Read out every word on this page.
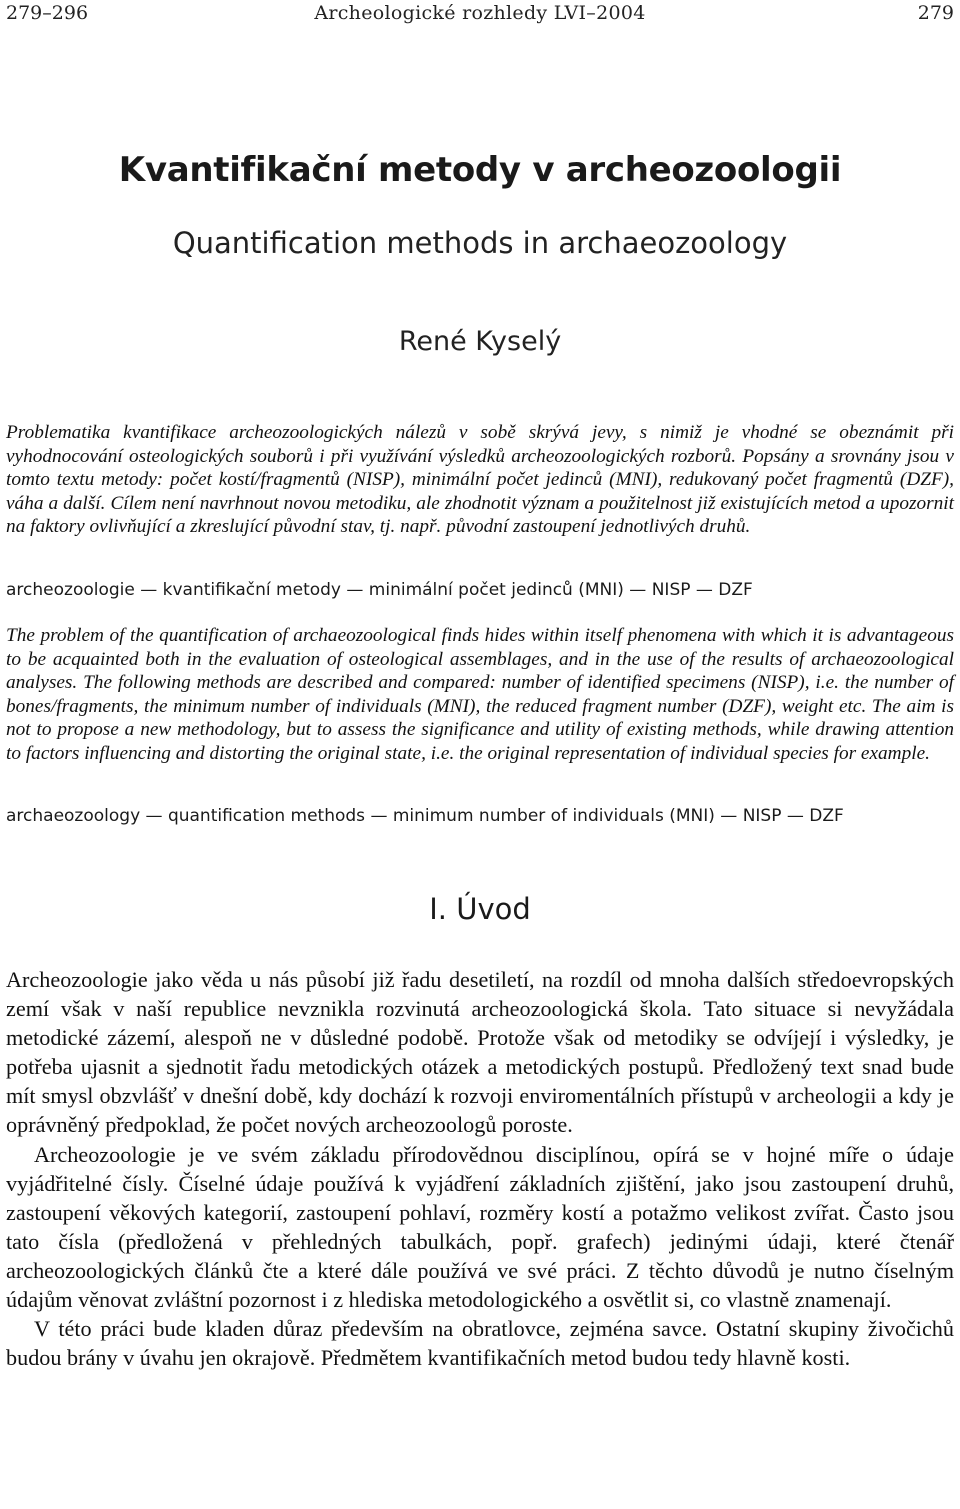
279–296	Archeologické rozhledy LVI–2004	279
Kvantifikační metody v archeozoologii
Quantification methods in archaeozoology
René Kyselý

Problematika kvantifikace archeozoologických nálezů v sobě skrývá jevy, s nimiž je vhodné se obeznámit při vyhodnocování osteologických souborů i při využívání výsledků archeozoologických rozborů. Popsány a srovnány jsou v tomto textu metody: počet kostí/fragmentů (NISP), minimální počet jedinců (MNI), redukovaný počet fragmentů (DZF), váha a další. Cílem není navrhnout novou metodiku, ale zhodnotit význam a použitelnost již existujících metod a upozornit na faktory ovlivňující a zkreslující původní stav, tj. např. původní zastoupení jednotlivých druhů.

archeozoologie — kvantifikační metody — minimální počet jedinců (MNI) — NISP — DZF

The problem of the quantification of archaeozoological finds hides within itself phenomena with which it is advantageous to be acquainted both in the evaluation of osteological assemblages, and in the use of the results of archaeozoological analyses. The following methods are described and compared: number of identified specimens (NISP), i.e. the number of bones/fragments, the minimum number of individuals (MNI), the reduced fragment number (DZF), weight etc. The aim is not to propose a new methodology, but to assess the significance and utility of existing methods, while drawing attention to factors influencing and distorting the original state, i.e. the original representation of individual species for example.

archaeozoology — quantification methods — minimum number of individuals (MNI) — NISP — DZF

I. Úvod

Archeozoologie jako věda u nás působí již řadu desetiletí, na rozdíl od mnoha dalších středoevropských zemí však v naší republice nevznikla rozvinutá archeozoologická škola. Tato situace si nevyžádala metodické zázemí, alespoň ne v důsledné podobě. Protože však od metodiky se odvíjejí i výsledky, je potřeba ujasnit a sjednotit řadu metodických otázek a metodických postupů. Předložený text snad bude mít smysl obzvlášť v dnešní době, kdy dochází k rozvoji enviromentálních přístupů v archeologii a kdy je oprávněný předpoklad, že počet nových archeozoologů poroste.

Archeozoologie je ve svém základu přírodovědnou disciplínou, opírá se v hojné míře o údaje vyjádřitelné čísly. Číselné údaje používá k vyjádření základních zjištění, jako jsou zastoupení druhů, zastoupení věkových kategorií, zastoupení pohlaví, rozměry kostí a potažmo velikost zvířat. Často jsou tato čísla (předložená v přehledných tabulkách, popř. grafech) jedinými údaji, které čtenář archeozoologických článků čte a které dále používá ve své práci. Z těchto důvodů je nutno číselným údajům věnovat zvláštní pozornost i z hlediska metodologického a osvětlit si, co vlastně znamenají.

V této práci bude kladen důraz především na obratlovce, zejména savce. Ostatní skupiny živočichů budou brány v úvahu jen okrajově. Předmětem kvantifikačních metod budou tedy hlavně kosti.
